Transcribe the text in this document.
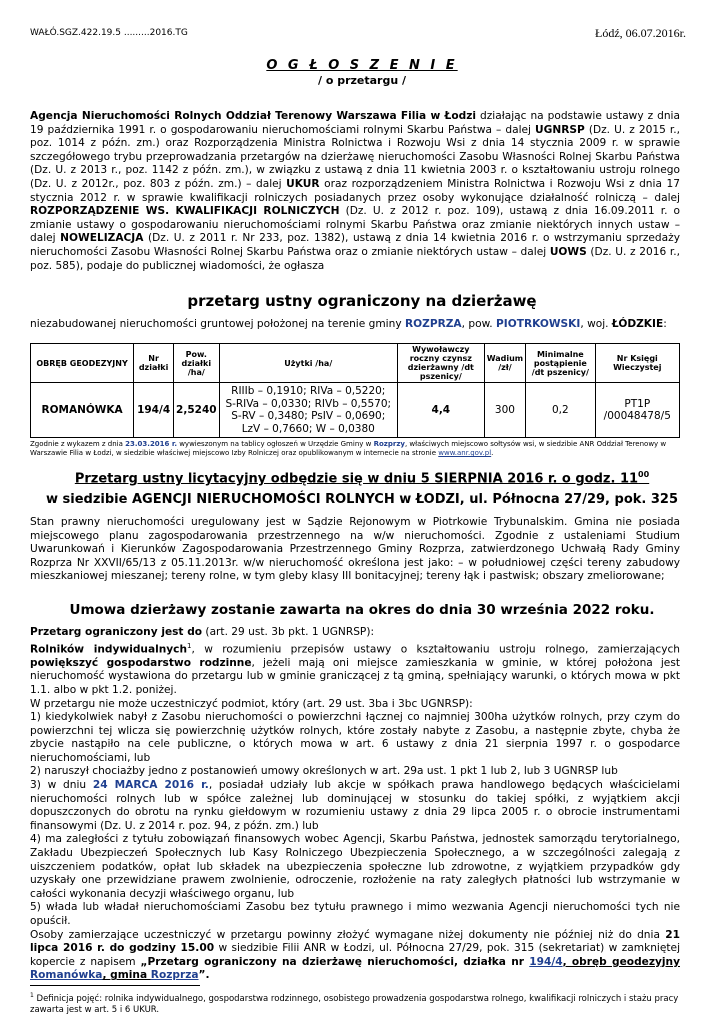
WAŁÓ.SGZ.422.19.5 .........2016.TG	Łódź, 06.07.2016r.
O G Ł O S Z E N I E
/ o przetargu /
Agencja Nieruchomości Rolnych Oddział Terenowy Warszawa Filia w Łodzi działając na podstawie ustawy z dnia 19 października 1991 r. o gospodarowaniu nieruchomościami rolnymi Skarbu Państwa – dalej UGNRSP (Dz. U. z 2015 r., poz. 1014 z późn. zm.) oraz Rozporządzenia Ministra Rolnictwa i Rozwoju Wsi z dnia 14 stycznia 2009 r. w sprawie szczegółowego trybu przeprowadzania przetargów na dzierżawę nieruchomości Zasobu Własności Rolnej Skarbu Państwa (Dz. U. z 2013 r., poz. 1142 z późn. zm.), w związku z ustawą z dnia 11 kwietnia 2003 r. o kształtowaniu ustroju rolnego (Dz. U. z 2012r., poz. 803 z późn. zm.) – dalej UKUR oraz rozporządzeniem Ministra Rolnictwa i Rozwoju Wsi z dnia 17 stycznia 2012 r. w sprawie kwalifikacji rolniczych posiadanych przez osoby wykonujące działalność rolniczą – dalej ROZPORZĄDZENIE WS. KWALIFIKACJI ROLNICZYCH (Dz. U. z 2012 r. poz. 109), ustawą z dnia 16.09.2011 r. o zmianie ustawy o gospodarowaniu nieruchomościami rolnymi Skarbu Państwa oraz zmianie niektórych innych ustaw – dalej NOWELIZACJA (Dz. U. z 2011 r. Nr 233, poz. 1382), ustawą z dnia 14 kwietnia 2016 r. o wstrzymaniu sprzedaży nieruchomości Zasobu Własności Rolnej Skarbu Państwa oraz o zmianie niektórych ustaw – dalej UOWS (Dz. U. z 2016 r., poz. 585), podaje do publicznej wiadomości, że ogłasza
przetarg ustny ograniczony na dzierżawę
niezabudowanej nieruchomości gruntowej położonej na terenie gminy ROZPRZA, pow. PIOTRKOWSKI, woj. ŁÓDZKIE:
OBRĘB GEODEZYJNY	Nr działki	Pow. działki /ha/	Użytki /ha/	Wywoławczy roczny czynsz dzierżawny /dt pszenicy/	Wadium /zł/	Minimalne postąpienie /dt pszenicy/	Nr Księgi Wieczystej
ROMANÓWKA	194/4	2,5240	RIIIb – 0,1910; RIVa – 0,5220;
S-RIVa – 0,0330; RIVb – 0,5570;
S-RV – 0,3480; PsIV – 0,0690;
LzV – 0,7660; W – 0,0380	4,4	300	0,2	PT1P /00048478/5
Zgodnie z wykazem z dnia 23.03.2016 r. wywieszonym na tablicy ogłoszeń w Urzędzie Gminy w Rozprzy, właściwych miejscowo sołtysów wsi, w siedzibie ANR Oddział Terenowy w Warszawie Filia w Łodzi, w siedzibie właściwej miejscowo Izby Rolniczej oraz opublikowanym w internecie na stronie www.anr.gov.pl.
Przetarg ustny licytacyjny odbędzie się w dniu 5 SIERPNIA 2016 r. o godz. $11^{00}$
w siedzibie AGENCJI NIERUCHOMOŚCI ROLNYCH w ŁODZI, ul. Północna 27/29, pok. 325
Stan prawny nieruchomości uregulowany jest w Sądzie Rejonowym w Piotrkowie Trybunalskim. Gmina nie posiada miejscowego planu zagospodarowania przestrzennego na w/w nieruchomości. Zgodnie z ustaleniami Studium Uwarunkowań i Kierunków Zagospodarowania Przestrzennego Gminy Rozprza, zatwierdzonego Uchwałą Rady Gminy Rozprza Nr XXVII/65/13 z 05.11.2013r. w/w nieruchomość określona jest jako: – w południowej części tereny zabudowy mieszkaniowej mieszanej; tereny rolne, w tym gleby klasy III bonitacyjnej; tereny łąk i pastwisk; obszary zmeliorowane;
Umowa dzierżawy zostanie zawarta na okres do dnia 30 września 2022 roku.
Przetarg ograniczony jest do (art. 29 ust. 3b pkt. 1 UGNRSP):
Rolników indywidualnych$^1$, w rozumieniu przepisów ustawy o kształtowaniu ustroju rolnego, zamierzających powiększyć gospodarstwo rodzinne, jeżeli mają oni miejsce zamieszkania w gminie, w której położona jest nieruchomość wystawiona do przetargu lub w gminie graniczącej z tą gminą, spełniający warunki, o których mowa w pkt 1.1. albo w pkt 1.2. poniżej.
W przetargu nie może uczestniczyć podmiot, który (art. 29 ust. 3ba i 3bc UGNRSP):
1) kiedykolwiek nabył z Zasobu nieruchomości o powierzchni łącznej co najmniej 300ha użytków rolnych, przy czym do powierzchni tej wlicza się powierzchnię użytków rolnych, które zostały nabyte z Zasobu, a następnie zbyte, chyba że zbycie nastąpiło na cele publiczne, o których mowa w art. 6 ustawy z dnia 21 sierpnia 1997 r. o gospodarce nieruchomościami, lub
2) naruszył chociażby jedno z postanowień umowy określonych w art. 29a ust. 1 pkt 1 lub 2, lub 3 UGNRSP lub
3) w dniu 24 MARCA 2016 r., posiadał udziały lub akcje w spółkach prawa handlowego będących właścicielami nieruchomości rolnych lub w spółce zależnej lub dominującej w stosunku do takiej spółki, z wyjątkiem akcji dopuszczonych do obrotu na rynku giełdowym w rozumieniu ustawy z dnia 29 lipca 2005 r. o obrocie instrumentami finansowymi (Dz. U. z 2014 r. poz. 94, z późn. zm.) lub
4) ma zaległości z tytułu zobowiązań finansowych wobec Agencji, Skarbu Państwa, jednostek samorządu terytorialnego, Zakładu Ubezpieczeń Społecznych lub Kasy Rolniczego Ubezpieczenia Społecznego, a w szczególności zalegają z uiszczeniem podatków, opłat lub składek na ubezpieczenia społeczne lub zdrowotne, z wyjątkiem przypadków gdy uzyskały one przewidziane prawem zwolnienie, odroczenie, rozłożenie na raty zaległych płatności lub wstrzymanie w całości wykonania decyzji właściwego organu, lub
5) włada lub władał nieruchomościami Zasobu bez tytułu prawnego i mimo wezwania Agencji nieruchomości tych nie opuścił.
Osoby zamierzające uczestniczyć w przetargu powinny złożyć wymagane niżej dokumenty nie później niż do dnia 21 lipca 2016 r. do godziny 15.00 w siedzibie Filii ANR w Łodzi, ul. Północna 27/29, pok. 315 (sekretariat) w zamkniętej kopercie z napisem „Przetarg ograniczony na dzierżawę nieruchomości, działka nr 194/4, obręb geodezyjny Romanówka, gmina Rozprza”.
$^1$ Definicja pojęć: rolnika indywidualnego, gospodarstwa rodzinnego, osobistego prowadzenia gospodarstwa rolnego, kwalifikacji rolniczych i stażu pracy zawarta jest w art. 5 i 6 UKUR.
